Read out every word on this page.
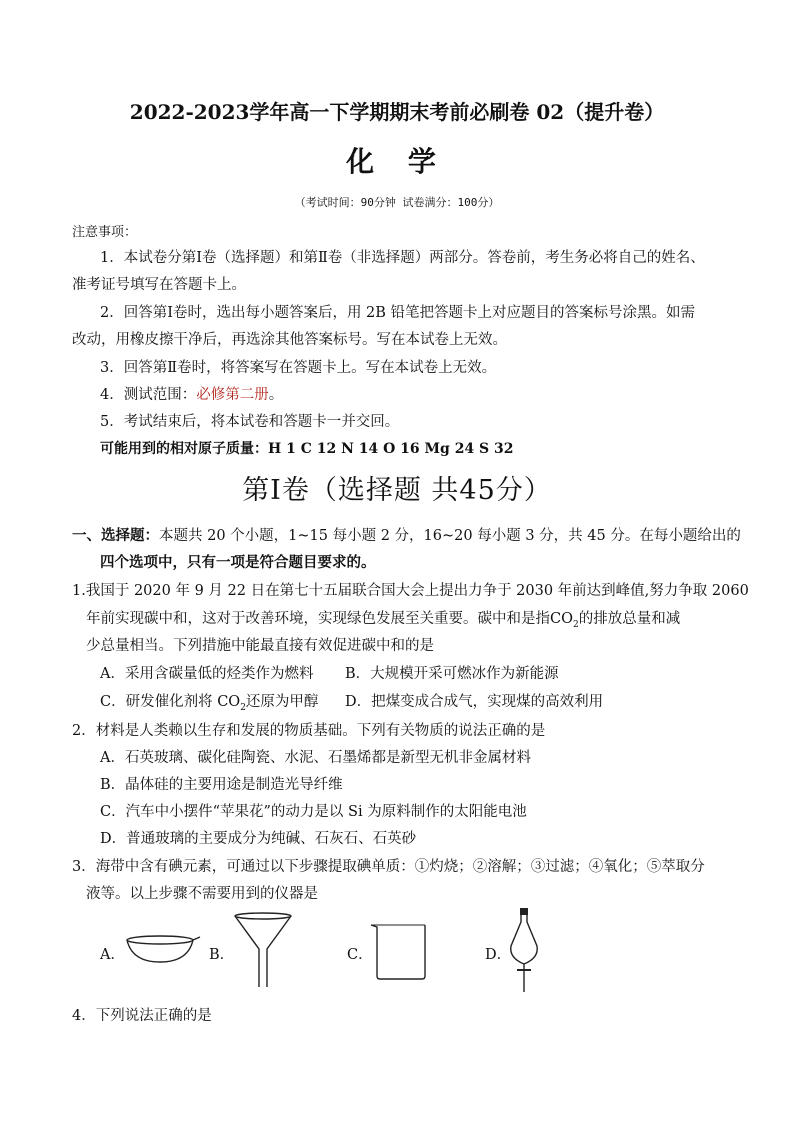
2022-2023学年高一下学期期末考前必刷卷 02（提升卷）
化 学
（考试时间：90分钟 试卷满分：100分）
注意事项：
1．本试卷分第Ⅰ卷（选择题）和第Ⅱ卷（非选择题）两部分。答卷前，考生务必将自己的姓名、
准考证号填写在答题卡上。
2．回答第Ⅰ卷时，选出每小题答案后，用 2B 铅笔把答题卡上对应题目的答案标号涂黑。如需
改动，用橡皮擦干净后，再选涂其他答案标号。写在本试卷上无效。
3．回答第Ⅱ卷时，将答案写在答题卡上。写在本试卷上无效。
4．测试范围：必修第二册。
5．考试结束后，将本试卷和答题卡一并交回。
可能用到的相对原子质量：H 1 C 12 N 14 O 16 Mg 24 S 32
第Ⅰ卷（选择题 共45分）
一、选择题：本题共 20 个小题，1~15 每小题 2 分，16~20 每小题 3 分，共 45 分。在每小题给出的
四个选项中，只有一项是符合题目要求的。
1.我国于 2020 年 9 月 22 日在第七十五届联合国大会上提出力争于 2030 年前达到峰值,努力争取 2060
年前实现碳中和，这对于改善环境，实现绿色发展至关重要。碳中和是指$CO_2$的排放总量和减
少总量相当。下列措施中能最直接有效促进碳中和的是
A．采用含碳量低的烃类作为燃料 B．大规模开采可燃冰作为新能源
C．研发催化剂将 $CO_2$还原为甲醇 D．把煤变成合成气，实现煤的高效利用
2．材料是人类赖以生存和发展的物质基础。下列有关物质的说法正确的是
A．石英玻璃、碳化硅陶瓷、水泥、石墨烯都是新型无机非金属材料
B．晶体硅的主要用途是制造光导纤维
C．汽车中小摆件“苹果花”的动力是以 Si 为原料制作的太阳能电池
D．普通玻璃的主要成分为纯碱、石灰石、石英砂
3．海带中含有碘元素，可通过以下步骤提取碘单质：①灼烧；②溶解；③过滤；④氧化；⑤萃取分
液等。以上步骤不需要用到的仪器是
A．	B．	C．	D．
4．下列说法正确的是
